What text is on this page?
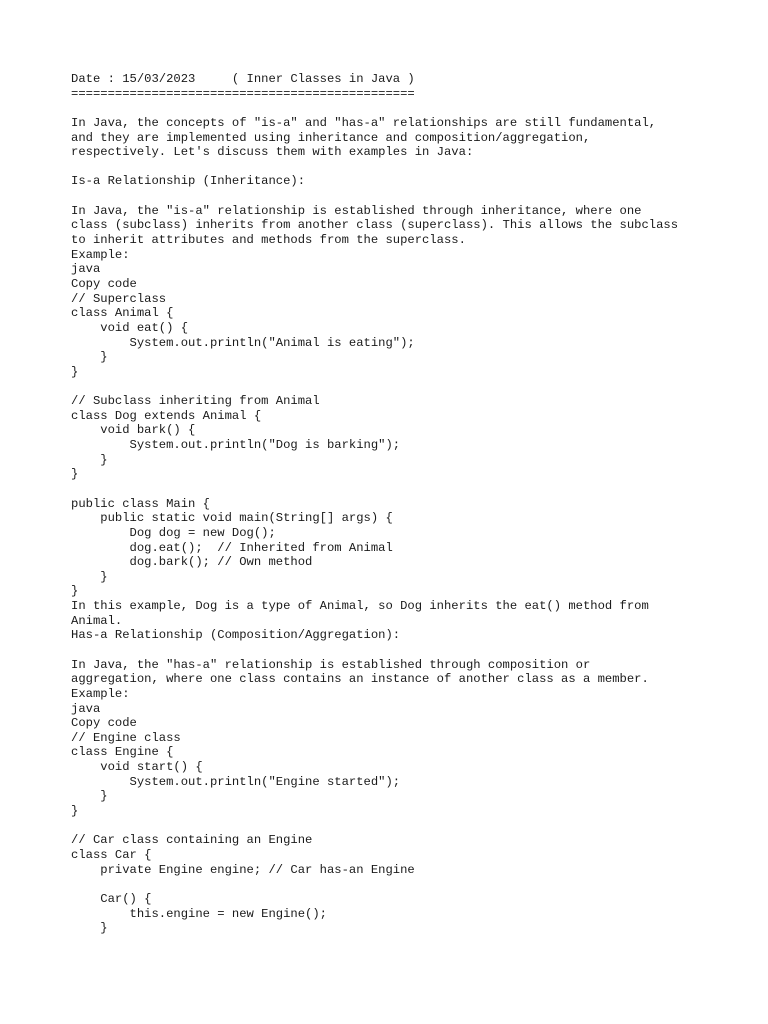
Date : 15/03/2023     ( Inner Classes in Java )
===============================================
In Java, the concepts of "is-a" and "has-a" relationships are still fundamental,
and they are implemented using inheritance and composition/aggregation,
respectively. Let's discuss them with examples in Java:
Is-a Relationship (Inheritance):
In Java, the "is-a" relationship is established through inheritance, where one
class (subclass) inherits from another class (superclass). This allows the subclass
to inherit attributes and methods from the superclass.
Example:
java
Copy code
// Superclass
class Animal {
void eat() {
System.out.println("Animal is eating");
}
}
// Subclass inheriting from Animal
class Dog extends Animal {
void bark() {
System.out.println("Dog is barking");
}
}
public class Main {
public static void main(String[] args) {
Dog dog = new Dog();
dog.eat();  // Inherited from Animal
dog.bark(); // Own method
}
}
In this example, Dog is a type of Animal, so Dog inherits the eat() method from
Animal.
Has-a Relationship (Composition/Aggregation):
In Java, the "has-a" relationship is established through composition or
aggregation, where one class contains an instance of another class as a member.
Example:
java
Copy code
// Engine class
class Engine {
void start() {
System.out.println("Engine started");
}
}
// Car class containing an Engine
class Car {
private Engine engine; // Car has-an Engine
Car() {
this.engine = new Engine();
}
